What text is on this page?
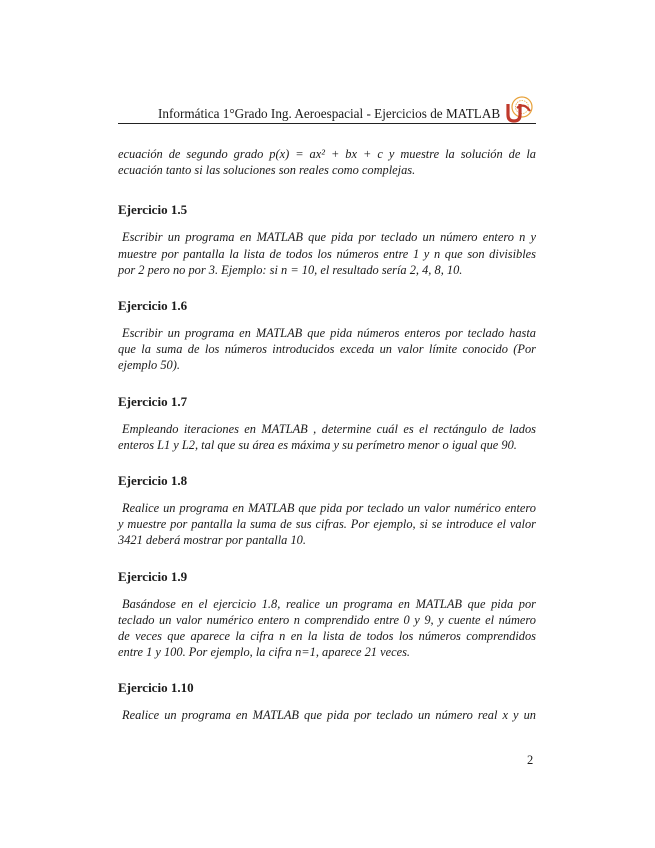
Informática 1°Grado Ing. Aeroespacial - Ejercicios de MATLAB

ecuación de segundo grado p(x) = ax² + bx + c y muestre la solución de la
ecuación tanto si las soluciones son reales como complejas.

Ejercicio 1.5

Escribir un programa en MATLAB que pida por teclado un número entero n y
muestre por pantalla la lista de todos los números entre 1 y n que son divisibles
por 2 pero no por 3. Ejemplo: si n = 10, el resultado sería 2, 4, 8, 10.

Ejercicio 1.6

Escribir un programa en MATLAB que pida números enteros por teclado hasta
que la suma de los números introducidos exceda un valor límite conocido (Por
ejemplo 50).

Ejercicio 1.7

Empleando iteraciones en MATLAB , determine cuál es el rectángulo de lados
enteros L1 y L2, tal que su área es máxima y su perímetro menor o igual que 90.

Ejercicio 1.8

Realice un programa en MATLAB que pida por teclado un valor numérico entero
y muestre por pantalla la suma de sus cifras. Por ejemplo, si se introduce el valor
3421 deberá mostrar por pantalla 10.

Ejercicio 1.9

Basándose en el ejercicio 1.8, realice un programa en MATLAB que pida por
teclado un valor numérico entero n comprendido entre 0 y 9, y cuente el número
de veces que aparece la cifra n en la lista de todos los números comprendidos
entre 1 y 100. Por ejemplo, la cifra n=1, aparece 21 veces.

Ejercicio 1.10

Realice un programa en MATLAB que pida por teclado un número real x y un

2
